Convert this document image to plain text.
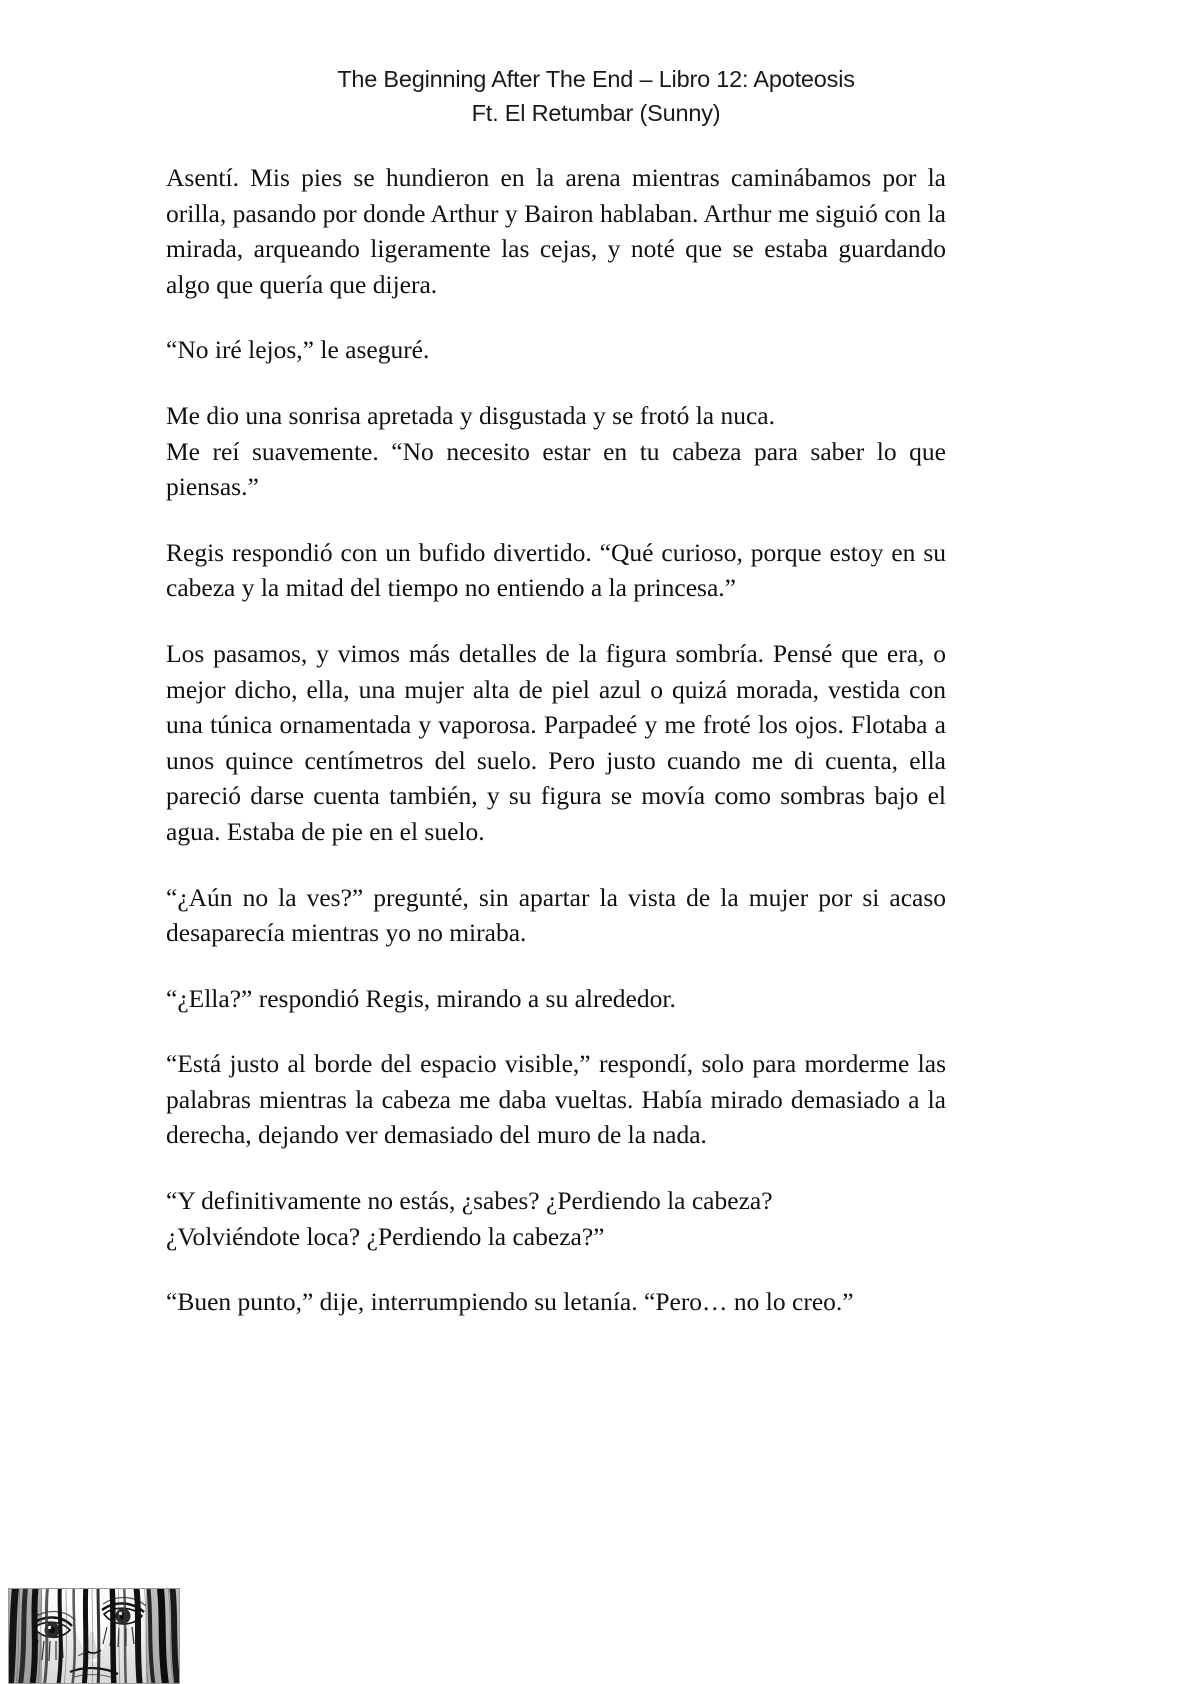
The Beginning After The End – Libro 12: Apoteosis
Ft. El Retumbar (Sunny)

Asentí. Mis pies se hundieron en la arena mientras caminábamos por la orilla, pasando por donde Arthur y Bairon hablaban. Arthur me siguió con la mirada, arqueando ligeramente las cejas, y noté que se estaba guardando algo que quería que dijera.

“No iré lejos,” le aseguré.

Me dio una sonrisa apretada y disgustada y se frotó la nuca.
Me reí suavemente. “No necesito estar en tu cabeza para saber lo que piensas.”

Regis respondió con un bufido divertido. “Qué curioso, porque estoy en su cabeza y la mitad del tiempo no entiendo a la princesa.”

Los pasamos, y vimos más detalles de la figura sombría. Pensé que era, o mejor dicho, ella, una mujer alta de piel azul o quizá morada, vestida con una túnica ornamentada y vaporosa. Parpadeé y me froté los ojos. Flotaba a unos quince centímetros del suelo. Pero justo cuando me di cuenta, ella pareció darse cuenta también, y su figura se movía como sombras bajo el agua. Estaba de pie en el suelo.

“¿Aún no la ves?” pregunté, sin apartar la vista de la mujer por si acaso desaparecía mientras yo no miraba.

“¿Ella?” respondió Regis, mirando a su alrededor.

“Está justo al borde del espacio visible,” respondí, solo para morderme las palabras mientras la cabeza me daba vueltas. Había mirado demasiado a la derecha, dejando ver demasiado del muro de la nada.

“Y definitivamente no estás, ¿sabes? ¿Perdiendo la cabeza?
¿Volviéndote loca? ¿Perdiendo la cabeza?”

“Buen punto,” dije, interrumpiendo su letanía. “Pero… no lo creo.”
